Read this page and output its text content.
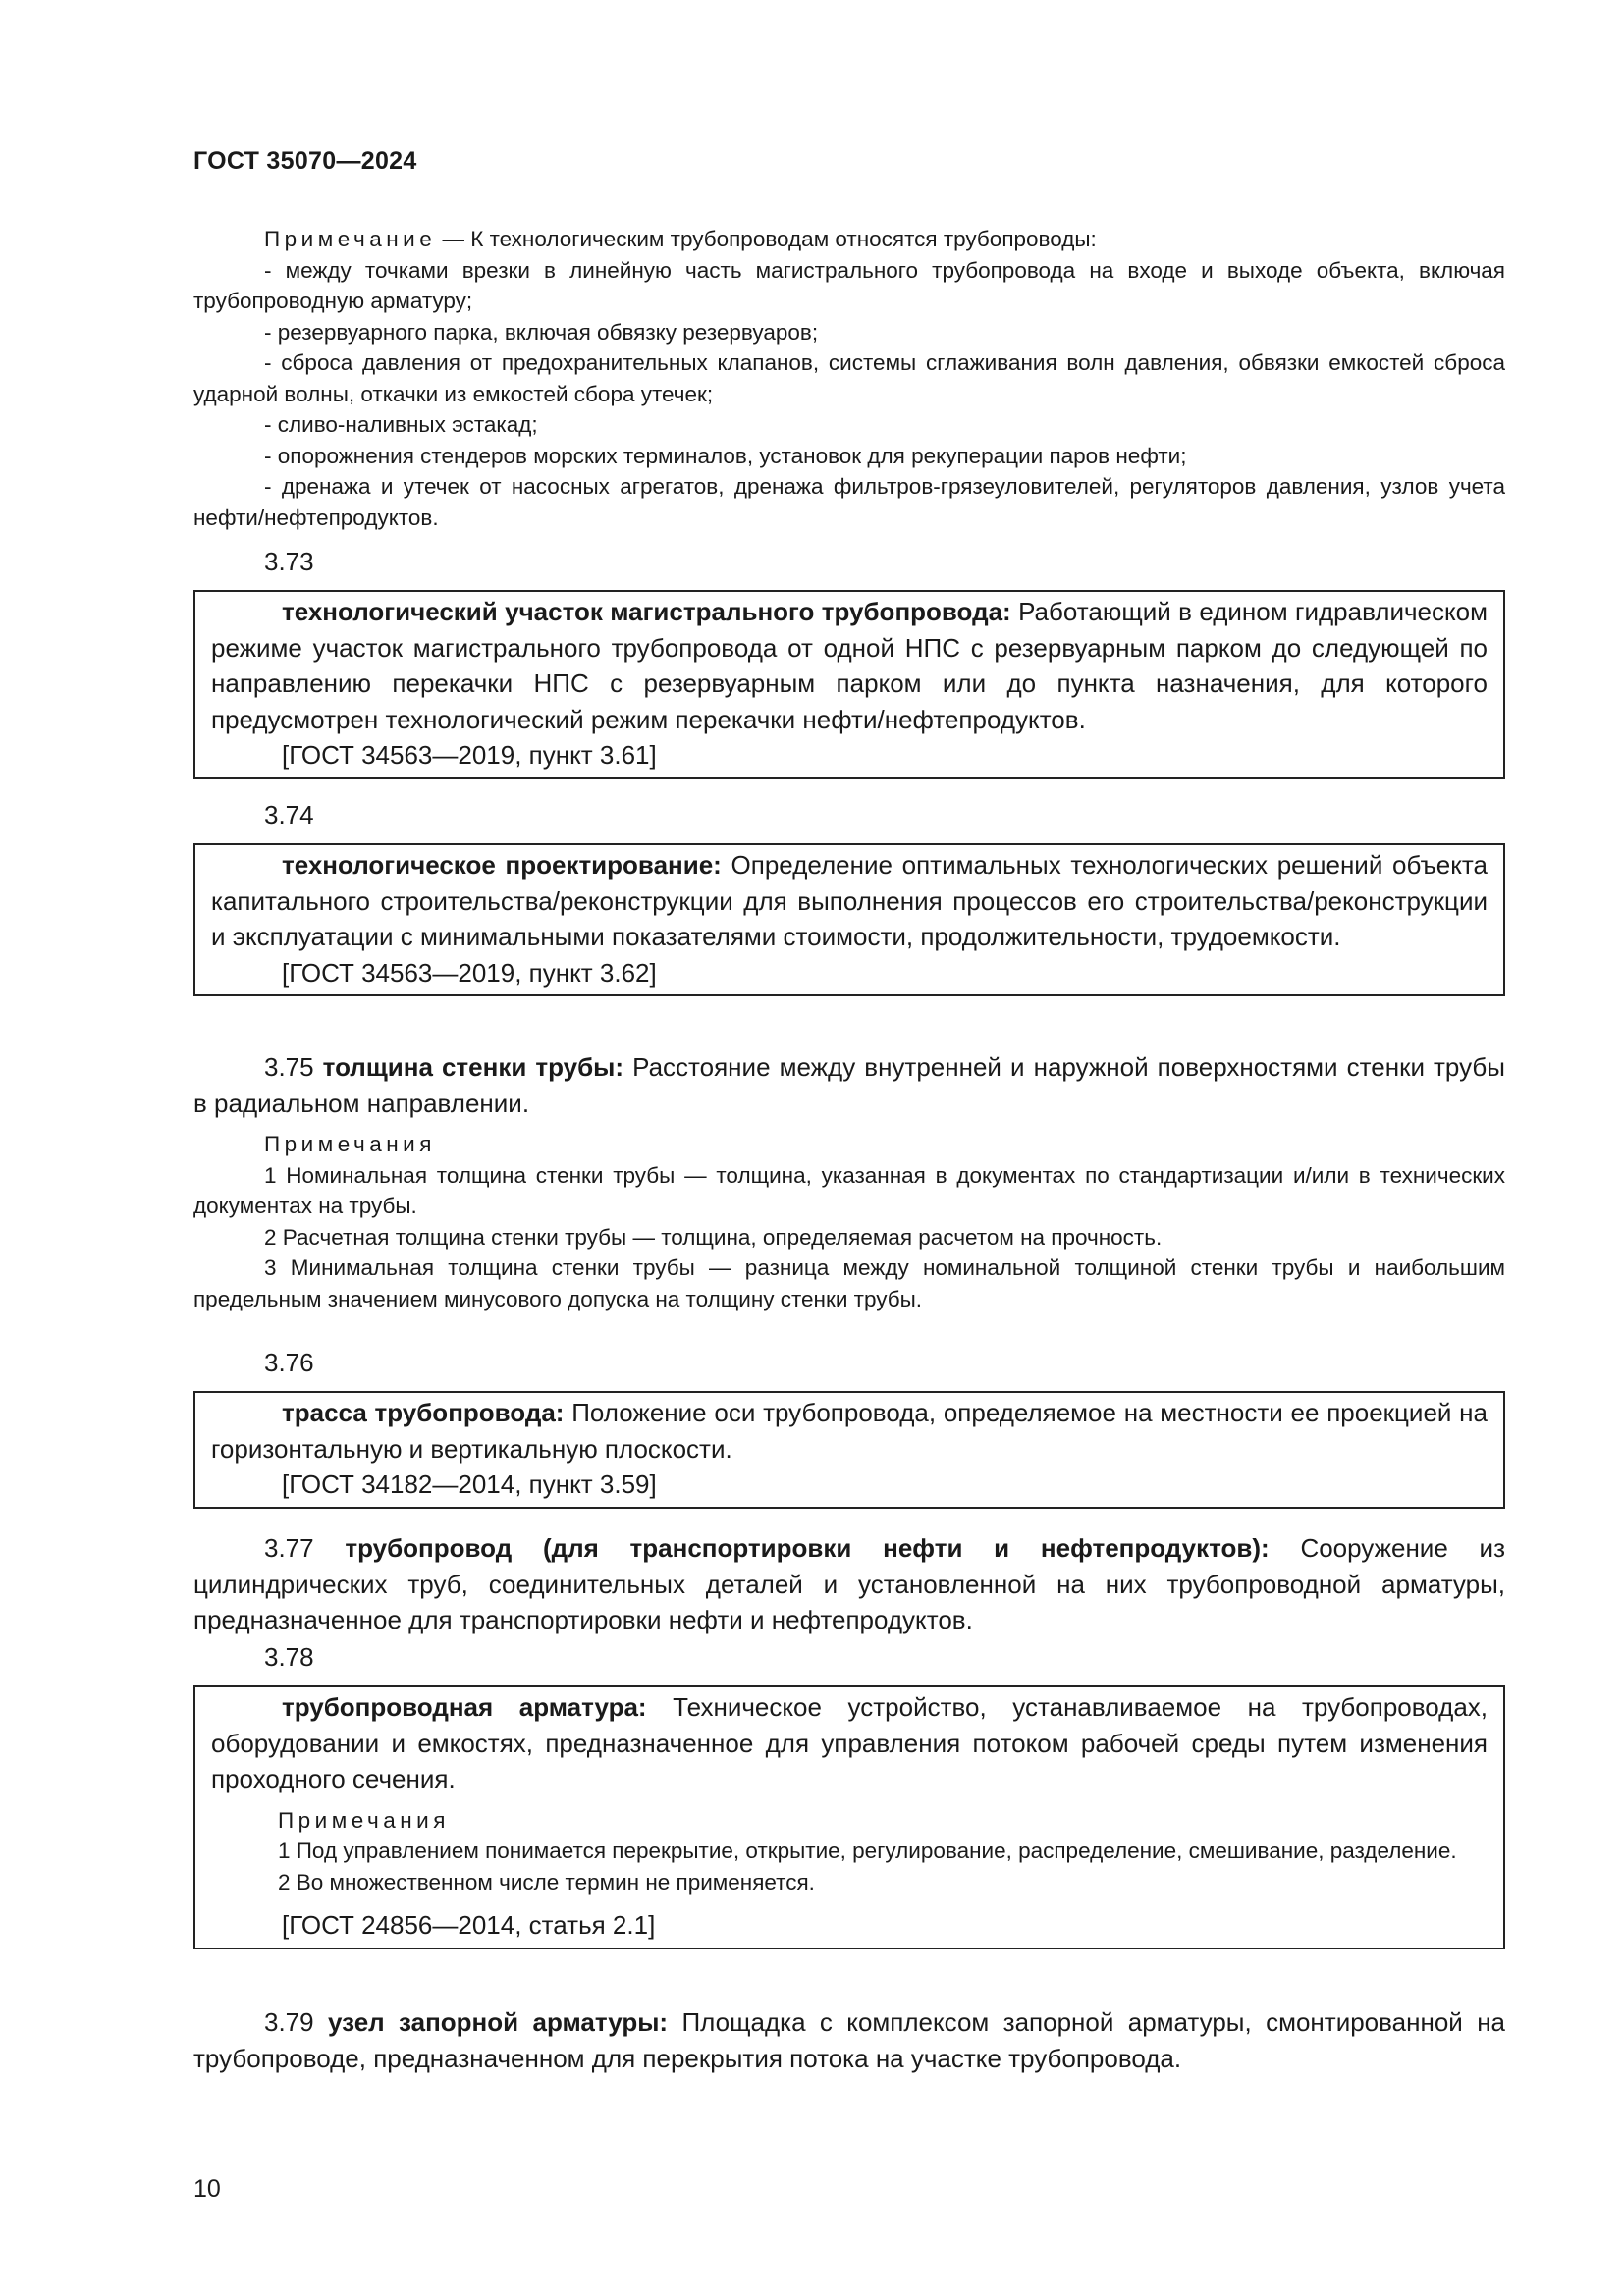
ГОСТ 35070—2024
Примечание — К технологическим трубопроводам относятся трубопроводы:
- между точками врезки в линейную часть магистрального трубопровода на входе и выходе объекта, включая трубопроводную арматуру;
- резервуарного парка, включая обвязку резервуаров;
- сброса давления от предохранительных клапанов, системы сглаживания волн давления, обвязки емкостей сброса ударной волны, откачки из емкостей сбора утечек;
- сливо-наливных эстакад;
- опорожнения стендеров морских терминалов, установок для рекуперации паров нефти;
- дренажа и утечек от насосных агрегатов, дренажа фильтров-грязеуловителей, регуляторов давления, узлов учета нефти/нефтепродуктов.
3.73
технологический участок магистрального трубопровода: Работающий в едином гидравлическом режиме участок магистрального трубопровода от одной НПС с резервуарным парком до следующей по направлению перекачки НПС с резервуарным парком или до пункта назначения, для которого предусмотрен технологический режим перекачки нефти/нефтепродуктов.
[ГОСТ 34563—2019, пункт 3.61]
3.74
технологическое проектирование: Определение оптимальных технологических решений объекта капитального строительства/реконструкции для выполнения процессов его строительства/реконструкции и эксплуатации с минимальными показателями стоимости, продолжительности, трудоемкости.
[ГОСТ 34563—2019, пункт 3.62]
3.75 толщина стенки трубы: Расстояние между внутренней и наружной поверхностями стенки трубы в радиальном направлении.
Примечания
1 Номинальная толщина стенки трубы — толщина, указанная в документах по стандартизации и/или в технических документах на трубы.
2 Расчетная толщина стенки трубы — толщина, определяемая расчетом на прочность.
3 Минимальная толщина стенки трубы — разница между номинальной толщиной стенки трубы и наибольшим предельным значением минусового допуска на толщину стенки трубы.
3.76
трасса трубопровода: Положение оси трубопровода, определяемое на местности ее проекцией на горизонтальную и вертикальную плоскости.
[ГОСТ 34182—2014, пункт 3.59]
3.77 трубопровод (для транспортировки нефти и нефтепродуктов): Сооружение из цилиндрических труб, соединительных деталей и установленной на них трубопроводной арматуры, предназначенное для транспортировки нефти и нефтепродуктов.
3.78
трубопроводная арматура: Техническое устройство, устанавливаемое на трубопроводах, оборудовании и емкостях, предназначенное для управления потоком рабочей среды путем изменения проходного сечения.
Примечания
1 Под управлением понимается перекрытие, открытие, регулирование, распределение, смешивание, разделение.
2 Во множественном числе термин не применяется.
[ГОСТ 24856—2014, статья 2.1]
3.79 узел запорной арматуры: Площадка с комплексом запорной арматуры, смонтированной на трубопроводе, предназначенном для перекрытия потока на участке трубопровода.
10
